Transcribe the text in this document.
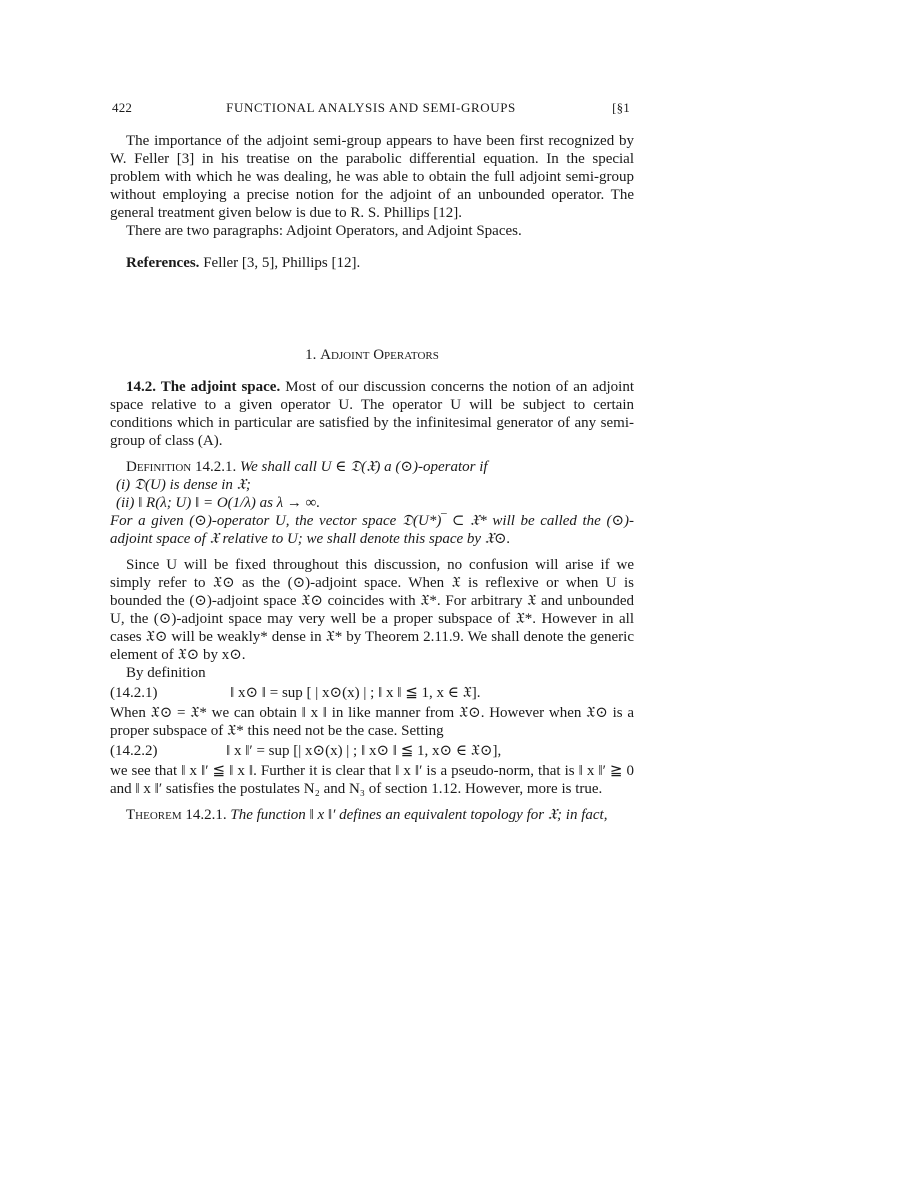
422	FUNCTIONAL ANALYSIS AND SEMI-GROUPS	[§1

The importance of the adjoint semi-group appears to have been first recognized by W. Feller [3] in his treatise on the parabolic differential equation. In the special problem with which he was dealing, he was able to obtain the full adjoint semi-group without employing a precise notion for the adjoint of an unbounded operator. The general treatment given below is due to R. S. Phillips [12].

There are two paragraphs: Adjoint Operators, and Adjoint Spaces.

References. Feller [3, 5], Phillips [12].

1. Adjoint Operators

14.2. The adjoint space. Most of our discussion concerns the notion of an adjoint space relative to a given operator U. The operator U will be subject to certain conditions which in particular are satisfied by the infinitesimal generator of any semi-group of class (A).

Definition 14.2.1. We shall call U ∈ 𝔇(𝔛) a (⊙)-operator if

(i) 𝔇(U) is dense in 𝔛;

(ii) ‖ R(λ; U) ‖ = O(1/λ) as λ → ∞.

For a given (⊙)-operator U, the vector space 𝔇(U*)‾ ⊂ 𝔛* will be called the (⊙)-adjoint space of 𝔛 relative to U; we shall denote this space by 𝔛⊙.

Since U will be fixed throughout this discussion, no confusion will arise if we simply refer to 𝔛⊙ as the (⊙)-adjoint space. When 𝔛 is reflexive or when U is bounded the (⊙)-adjoint space 𝔛⊙ coincides with 𝔛*. For arbitrary 𝔛 and unbounded U, the (⊙)-adjoint space may very well be a proper subspace of 𝔛*. However in all cases 𝔛⊙ will be weakly* dense in 𝔛* by Theorem 2.11.9. We shall denote the generic element of 𝔛⊙ by x⊙.

By definition

(14.2.1)	‖ x⊙ ‖ = sup [ | x⊙(x) | ; ‖ x ‖ ≦ 1, x ∈ 𝔛].

When 𝔛⊙ = 𝔛* we can obtain ‖ x ‖ in like manner from 𝔛⊙. However when 𝔛⊙ is a proper subspace of 𝔛* this need not be the case. Setting

(14.2.2)	‖ x ‖′ = sup [| x⊙(x) | ; ‖ x⊙ ‖ ≦ 1, x⊙ ∈ 𝔛⊙],

we see that ‖ x ‖′ ≦ ‖ x ‖. Further it is clear that ‖ x ‖′ is a pseudo-norm, that is ‖ x ‖′ ≧ 0 and ‖ x ‖′ satisfies the postulates N₂ and N₃ of section 1.12. However, more is true.

Theorem 14.2.1. The function ‖ x ‖′ defines an equivalent topology for 𝔛; in fact,
